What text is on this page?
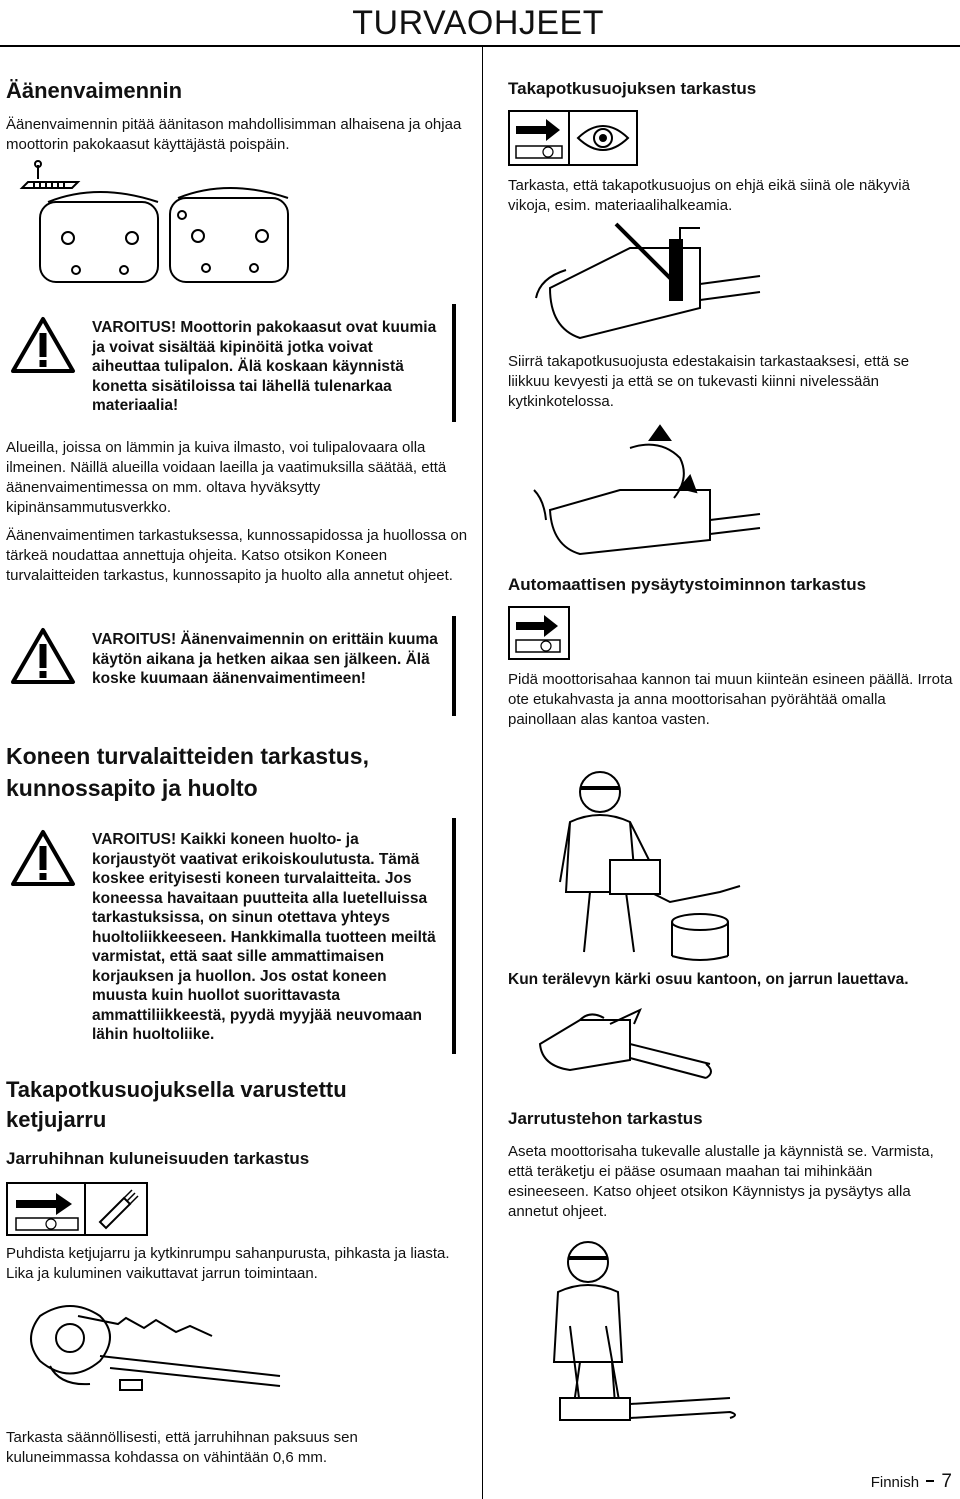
TURVAOHJEET
Äänenvaimennin
Äänenvaimennin pitää äänitason mahdollisimman alhaisena ja ohjaa moottorin pakokaasut käyttäjästä poispäin.
VAROITUS! Moottorin pakokaasut ovat kuumia ja voivat sisältää kipinöitä jotka voivat aiheuttaa tulipalon. Älä koskaan käynnistä konetta sisätiloissa tai lähellä tulenarkaa materiaalia!
Alueilla, joissa on lämmin ja kuiva ilmasto, voi tulipalovaara olla ilmeinen. Näillä alueilla voidaan laeilla ja vaatimuksilla säätää, että äänenvaimentimessa on mm. oltava hyväksytty kipinänsammutusverkko.
Äänenvaimentimen tarkastuksessa, kunnossapidossa ja huollossa on tärkeä noudattaa annettuja ohjeita. Katso otsikon Koneen turvalaitteiden tarkastus, kunnossapito ja huolto alla annetut ohjeet.
VAROITUS! Äänenvaimennin on erittäin kuuma käytön aikana ja hetken aikaa sen jälkeen. Älä koske kuumaan äänenvaimentimeen!
Koneen turvalaitteiden tarkastus, kunnossapito ja huolto
VAROITUS! Kaikki koneen huolto- ja korjaustyöt vaativat erikoiskoulutusta. Tämä koskee erityisesti koneen turvalaitteita. Jos koneessa havaitaan puutteita alla luetelluissa tarkastuksissa, on sinun otettava yhteys huoltoliikkeeseen. Hankkimalla tuotteen meiltä varmistat, että saat sille ammattimaisen korjauksen ja huollon. Jos ostat koneen muusta kuin huollot suorittavasta ammattiliikkeestä, pyydä myyjää neuvomaan lähin huoltoliike.
Takapotkusuojuksella varustettu ketjujarru
Jarruhihnan kuluneisuuden tarkastus
Puhdista ketjujarru ja kytkinrumpu sahanpurusta, pihkasta ja liasta. Lika ja kuluminen vaikuttavat jarrun toimintaan.
Tarkasta säännöllisesti, että jarruhihnan paksuus sen kuluneimmassa kohdassa on vähintään 0,6 mm.
Takapotkusuojuksen tarkastus
Tarkasta, että takapotkusuojus on ehjä eikä siinä ole näkyviä vikoja, esim. materiaalihalkeamia.
Siirrä takapotkusuojusta edestakaisin tarkastaaksesi, että se liikkuu kevyesti ja että se on tukevasti kiinni nivelessään kytkinkotelossa.
Automaattisen pysäytystoiminnon tarkastus
Pidä moottorisahaa kannon tai muun kiinteän esineen päällä. Irrota ote etukahvasta ja anna moottorisahan pyörähtää omalla painollaan alas kantoa vasten.
Kun terälevyn kärki osuu kantoon, on jarrun lauettava.
Jarrutustehon tarkastus
Aseta moottorisaha tukevalle alustalle ja käynnistä se. Varmista, että teräketju ei pääse osumaan maahan tai mihinkään esineeseen. Katso ohjeet otsikon Käynnistys ja pysäytys alla annetut ohjeet.
Finnish 7
